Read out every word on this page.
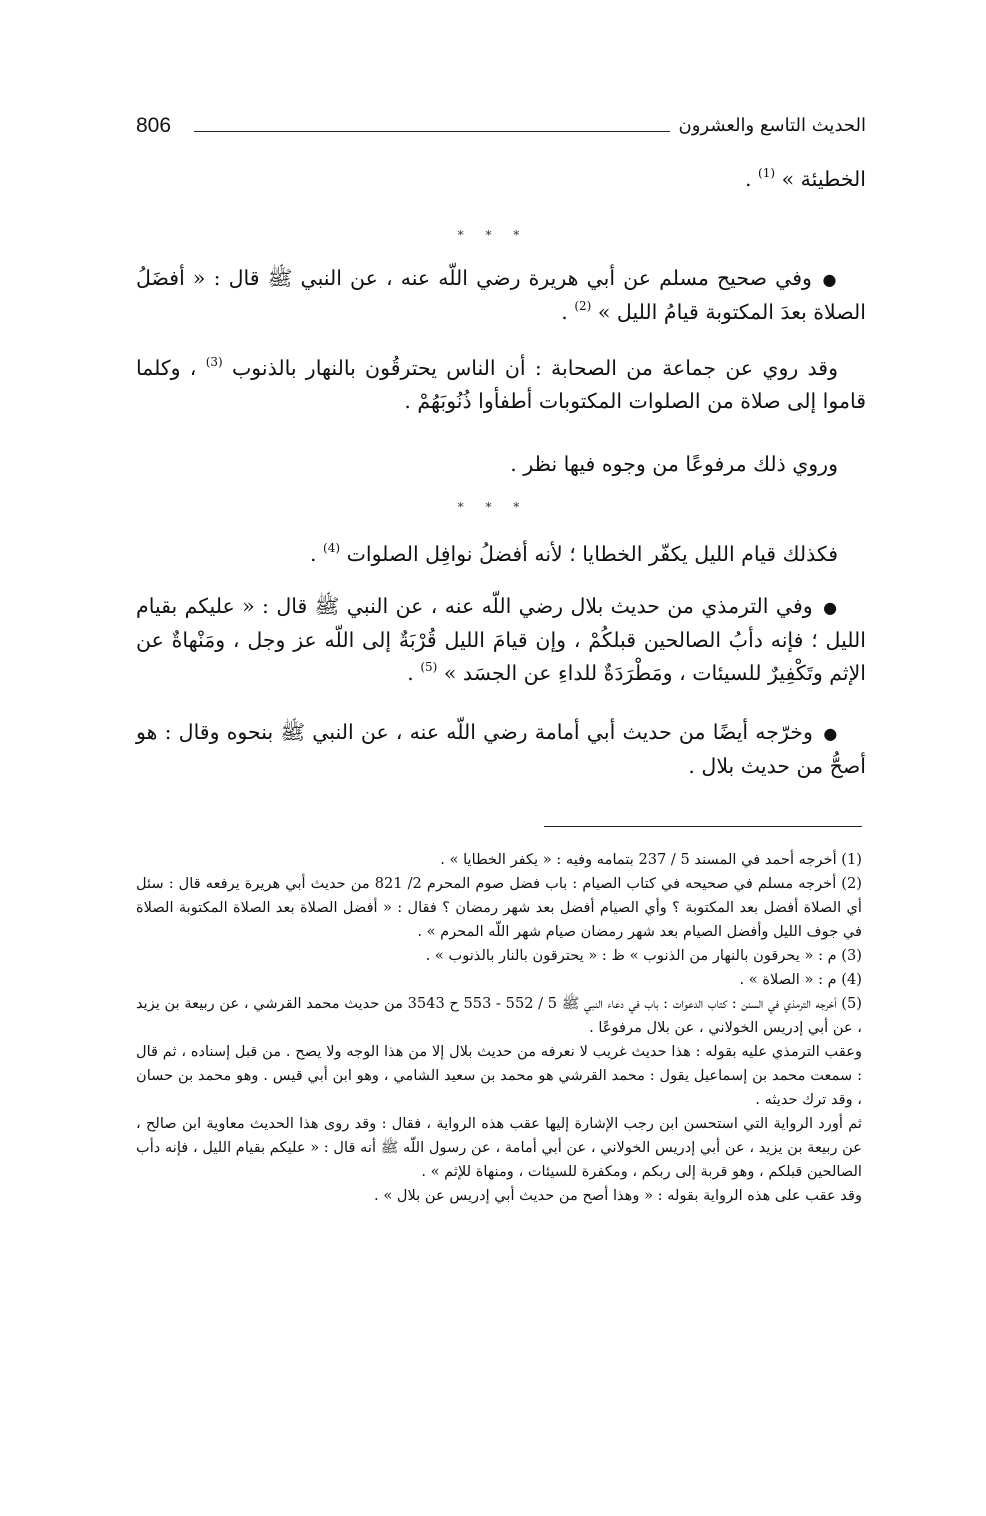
806	الحديث التاسع والعشرون

الخطيئة » $^{(1)}$ .

* * *

● وفي صحيح مسلم عن أبي هريرة رضي اللّه عنه ، عن النبي ﷺ قال : « أفضَلُ الصلاة بعدَ المكتوبة قيامُ الليل » $^{(2)}$ .

وقد روي عن جماعة من الصحابة : أن الناس يحترقُون بالنهار بالذنوب $^{(3)}$ ، وكلما قاموا إلى صلاة من الصلوات المكتوبات أطفأوا ذُنُوبَهُمْ .

وروي ذلك مرفوعًا من وجوه فيها نظر .

* * *

فكذلك قيام الليل يكفّر الخطايا ؛ لأنه أفضلُ نوافِل الصلوات $^{(4)}$ .

● وفي الترمذي من حديث بلال رضي اللّه عنه ، عن النبي ﷺ قال : « عليكم بقيام الليل ؛ فإنه دأبُ الصالحين قبلكُمْ ، وإن قيامَ الليل قُرْبَةٌ إلى اللّه عز وجل ، ومَنْهاةٌ عن الإثم وتَكْفِيرٌ للسيئات ، ومَطْرَدَةٌ للداءِ عن الجسَد » $^{(5)}$ .

● وخرّجه أيضًا من حديث أبي أمامة رضي اللّه عنه ، عن النبي ﷺ بنحوه وقال : هو أصحُّ من حديث بلال .

(1) أخرجه أحمد في المسند 5 / 237 بتمامه وفيه : « يكفر الخطايا » .

(2) أخرجه مسلم في صحيحه في كتاب الصيام : باب فضل صوم المحرم 2/ 821 من حديث أبي هريرة يرفعه قال : سئل أي الصلاة أفضل بعد المكتوبة ؟ وأي الصيام أفضل بعد شهر رمضان ؟ فقال : « أفضل الصلاة بعد الصلاة المكتوبة الصلاة في جوف الليل وأفضل الصيام بعد شهر رمضان صيام شهر اللّه المحرم » .

(3) م : « يحرقون بالنهار من الذنوب » ظ : « يحترقون بالنار بالذنوب » .

(4) م : « الصلاة » .

(5) أخرجه الترمذي في السنن : كتاب الدعوات : باب في دعاء النبي ﷺ 5 / 552 - 553 ح 3543 من حديث محمد القرشي ، عن ربيعة بن يزيد ، عن أبي إدريس الخولاني ، عن بلال مرفوعًا .

وعقب الترمذي عليه بقوله : هذا حديث غريب لا نعرفه من حديث بلال إلا من هذا الوجه ولا يصح . من قبل إسناده ، ثم قال : سمعت محمد بن إسماعيل يقول : محمد القرشي هو محمد بن سعيد الشامي ، وهو ابن أبي قيس . وهو محمد بن حسان ، وقد ترك حديثه .

ثم أورد الرواية التي استحسن ابن رجب الإشارة إليها عقب هذه الرواية ، فقال : وقد روى هذا الحديث معاوية ابن صالح ، عن ربيعة بن يزيد ، عن أبي إدريس الخولاني ، عن أبي أمامة ، عن رسول اللّه ﷺ أنه قال : « عليكم بقيام الليل ، فإنه دأب الصالحين قبلكم ، وهو قربة إلى ربكم ، ومكفرة للسيئات ، ومنهاة للإثم » .

وقد عقب على هذه الرواية بقوله : « وهذا أصح من حديث أبي إدريس عن بلال » .
